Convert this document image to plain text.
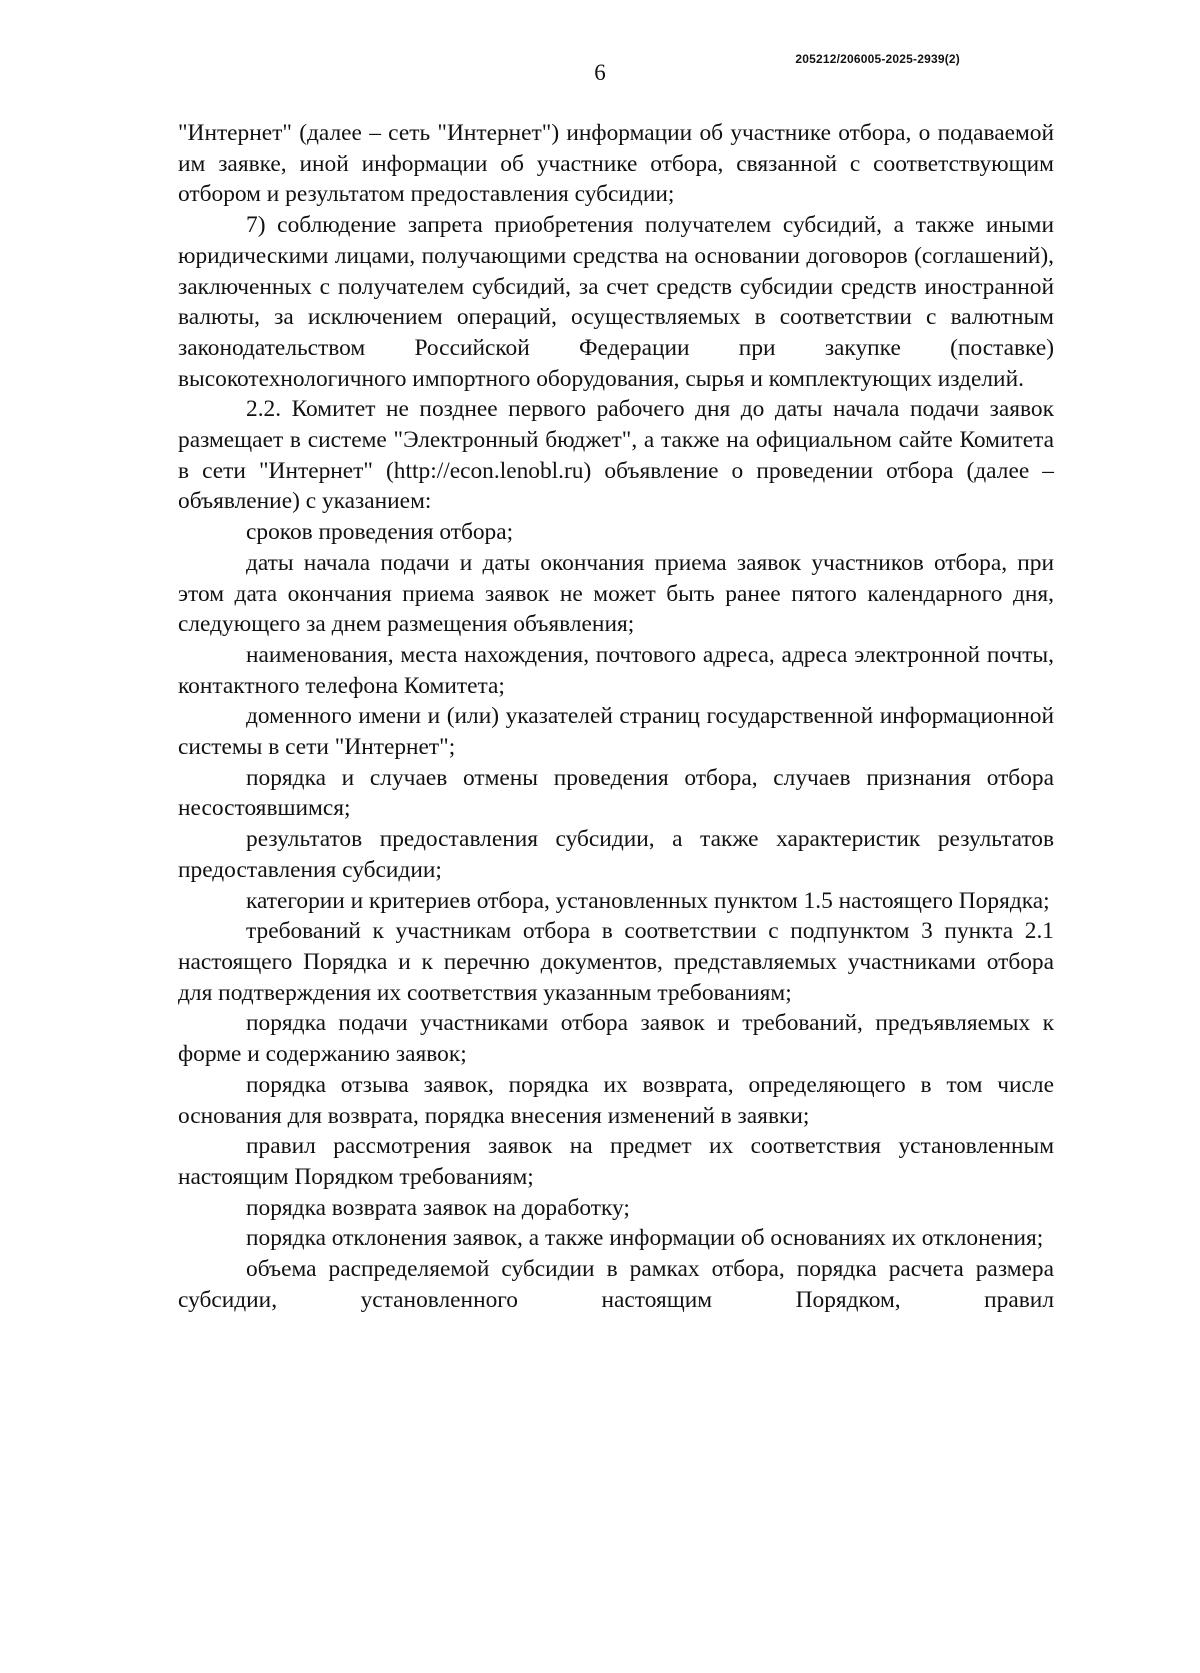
6
205212/206005-2025-2939(2)

"Интернет" (далее – сеть "Интернет") информации об участнике отбора, о подаваемой им заявке, иной информации об участнике отбора, связанной с соответствующим отбором и результатом предоставления субсидии;

7) соблюдение запрета приобретения получателем субсидий, а также иными юридическими лицами, получающими средства на основании договоров (соглашений), заключенных с получателем субсидий, за счет средств субсидии средств иностранной валюты, за исключением операций, осуществляемых в соответствии с валютным законодательством Российской Федерации при закупке (поставке) высокотехнологичного импортного оборудования, сырья и комплектующих изделий.

2.2. Комитет не позднее первого рабочего дня до даты начала подачи заявок размещает в системе "Электронный бюджет", а также на официальном сайте Комитета в сети "Интернет" (http://econ.lenobl.ru) объявление о проведении отбора (далее – объявление) с указанием:

сроков проведения отбора;

даты начала подачи и даты окончания приема заявок участников отбора, при этом дата окончания приема заявок не может быть ранее пятого календарного дня, следующего за днем размещения объявления;

наименования, места нахождения, почтового адреса, адреса электронной почты, контактного телефона Комитета;

доменного имени и (или) указателей страниц государственной информационной системы в сети "Интернет";

порядка и случаев отмены проведения отбора, случаев признания отбора несостоявшимся;

результатов предоставления субсидии, а также характеристик результатов предоставления субсидии;

категории и критериев отбора, установленных пунктом 1.5 настоящего Порядка;

требований к участникам отбора в соответствии с подпунктом 3 пункта 2.1 настоящего Порядка и к перечню документов, представляемых участниками отбора для подтверждения их соответствия указанным требованиям;

порядка подачи участниками отбора заявок и требований, предъявляемых к форме и содержанию заявок;

порядка отзыва заявок, порядка их возврата, определяющего в том числе основания для возврата, порядка внесения изменений в заявки;

правил рассмотрения заявок на предмет их соответствия установленным настоящим Порядком требованиям;

порядка возврата заявок на доработку;

порядка отклонения заявок, а также информации об основаниях их отклонения;

объема распределяемой субсидии в рамках отбора, порядка расчета размера субсидии, установленного настоящим Порядком, правил
